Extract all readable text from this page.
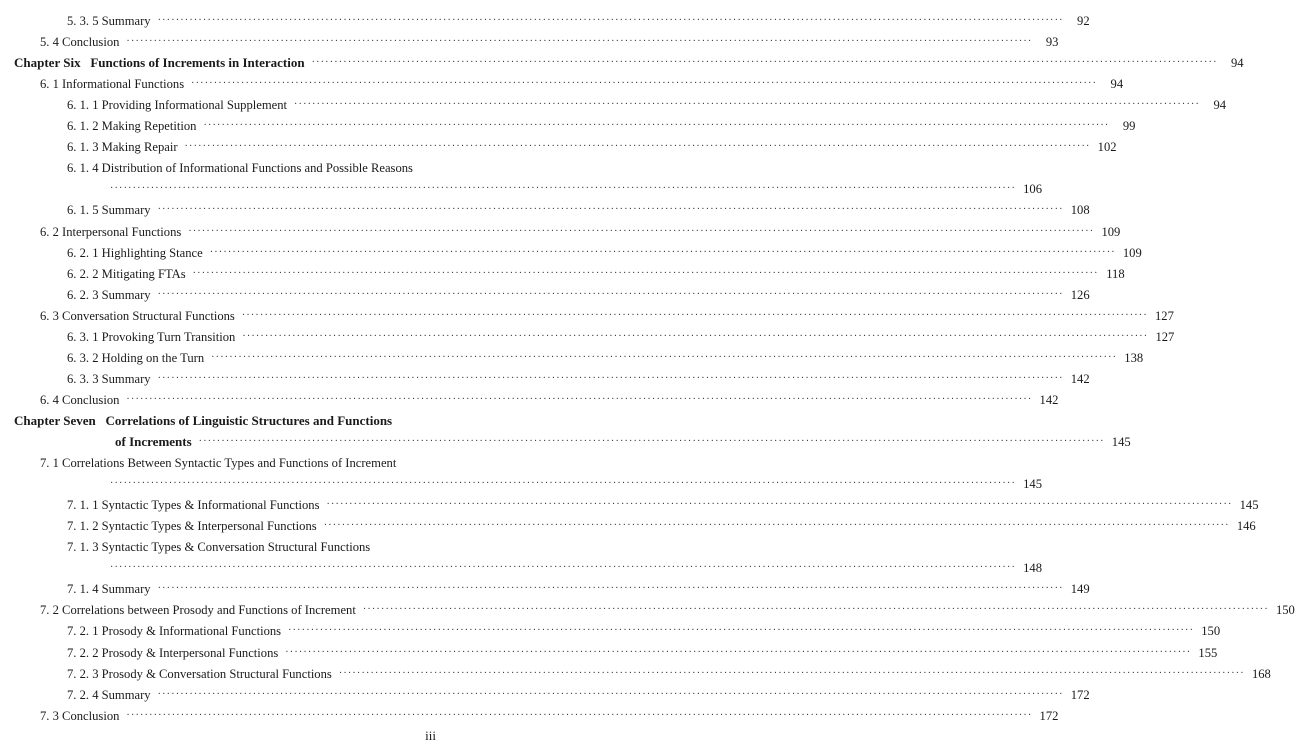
5. 3. 5 Summary ········································································································································································································	92
5. 4 Conclusion ········································································································································································································	93
Chapter Six   Functions of Increments in Interaction ········································································································································································································	94
6. 1 Informational Functions ········································································································································································································	94
6. 1. 1 Providing Informational Supplement ········································································································································································································	94
6. 1. 2 Making Repetition ········································································································································································································	99
6. 1. 3 Making Repair ········································································································································································································ 102
6. 1. 4 Distribution of Informational Functions and Possible Reasons
········································································································································································································ 106
6. 1. 5 Summary ········································································································································································································ 108
6. 2 Interpersonal Functions ········································································································································································································ 109
6. 2. 1 Highlighting Stance ········································································································································································································ 109
6. 2. 2 Mitigating FTAs ········································································································································································································ 118
6. 2. 3 Summary ········································································································································································································ 126
6. 3 Conversation Structural Functions ········································································································································································································ 127
6. 3. 1 Provoking Turn Transition ········································································································································································································ 127
6. 3. 2 Holding on the Turn ········································································································································································································ 138
6. 3. 3 Summary ········································································································································································································ 142
6. 4 Conclusion ········································································································································································································ 142
Chapter Seven   Correlations of Linguistic Structures and Functions
of Increments ········································································································································································································ 145
7. 1 Correlations Between Syntactic Types and Functions of Increment
········································································································································································································ 145
7. 1. 1 Syntactic Types & Informational Functions ········································································································································································································ 145
7. 1. 2 Syntactic Types & Interpersonal Functions ········································································································································································································ 146
7. 1. 3 Syntactic Types & Conversation Structural Functions
········································································································································································································ 148
7. 1. 4 Summary ········································································································································································································ 149
7. 2 Correlations between Prosody and Functions of Increment ········································································································································································································ 150
7. 2. 1 Prosody & Informational Functions ········································································································································································································ 150
7. 2. 2 Prosody & Interpersonal Functions ········································································································································································································ 155
7. 2. 3 Prosody & Conversation Structural Functions ········································································································································································································ 168
7. 2. 4 Summary ········································································································································································································ 172
7. 3 Conclusion ········································································································································································································ 172
iii
